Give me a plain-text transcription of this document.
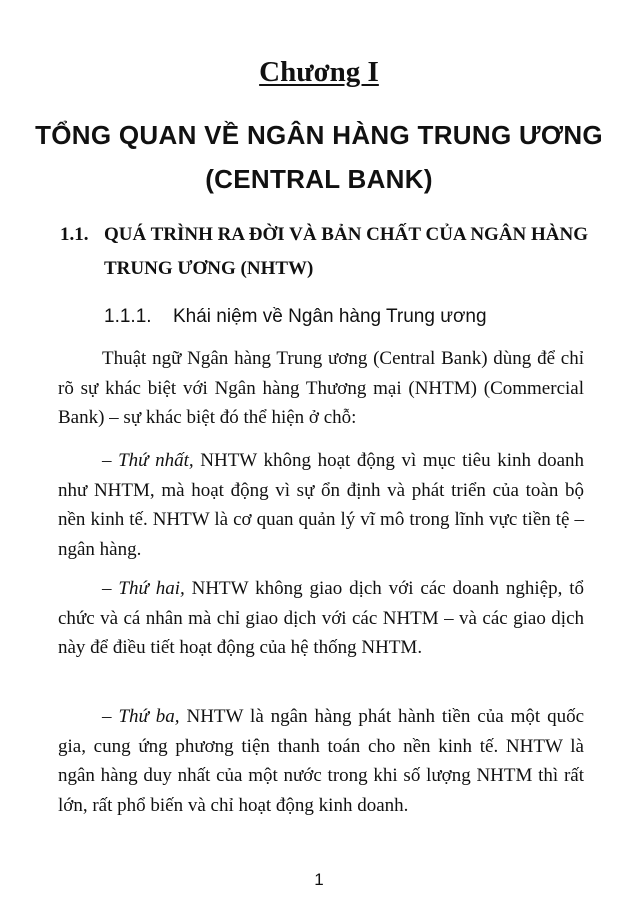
Chương I
TỔNG QUAN VỀ NGÂN HÀNG TRUNG ƯƠNG
(CENTRAL BANK)
1.1. QUÁ TRÌNH RA ĐỜI VÀ BẢN CHẤT CỦA NGÂN HÀNG
TRUNG ƯƠNG (NHTW)
1.1.1. Khái niệm về Ngân hàng Trung ương

Thuật ngữ Ngân hàng Trung ương (Central Bank) dùng để chỉ rõ sự khác biệt với Ngân hàng Thương mại (NHTM) (Commercial Bank) – sự khác biệt đó thể hiện ở chỗ:

– Thứ nhất, NHTW không hoạt động vì mục tiêu kinh doanh như NHTM, mà hoạt động vì sự ổn định và phát triển của toàn bộ nền kinh tế. NHTW là cơ quan quản lý vĩ mô trong lĩnh vực tiền tệ – ngân hàng.

– Thứ hai, NHTW không giao dịch với các doanh nghiệp, tổ chức và cá nhân mà chỉ giao dịch với các NHTM – và các giao dịch này để điều tiết hoạt động của hệ thống NHTM.

– Thứ ba, NHTW là ngân hàng phát hành tiền của một quốc gia, cung ứng phương tiện thanh toán cho nền kinh tế. NHTW là ngân hàng duy nhất của một nước trong khi số lượng NHTM thì rất lớn, rất phổ biến và chỉ hoạt động kinh doanh.

1
